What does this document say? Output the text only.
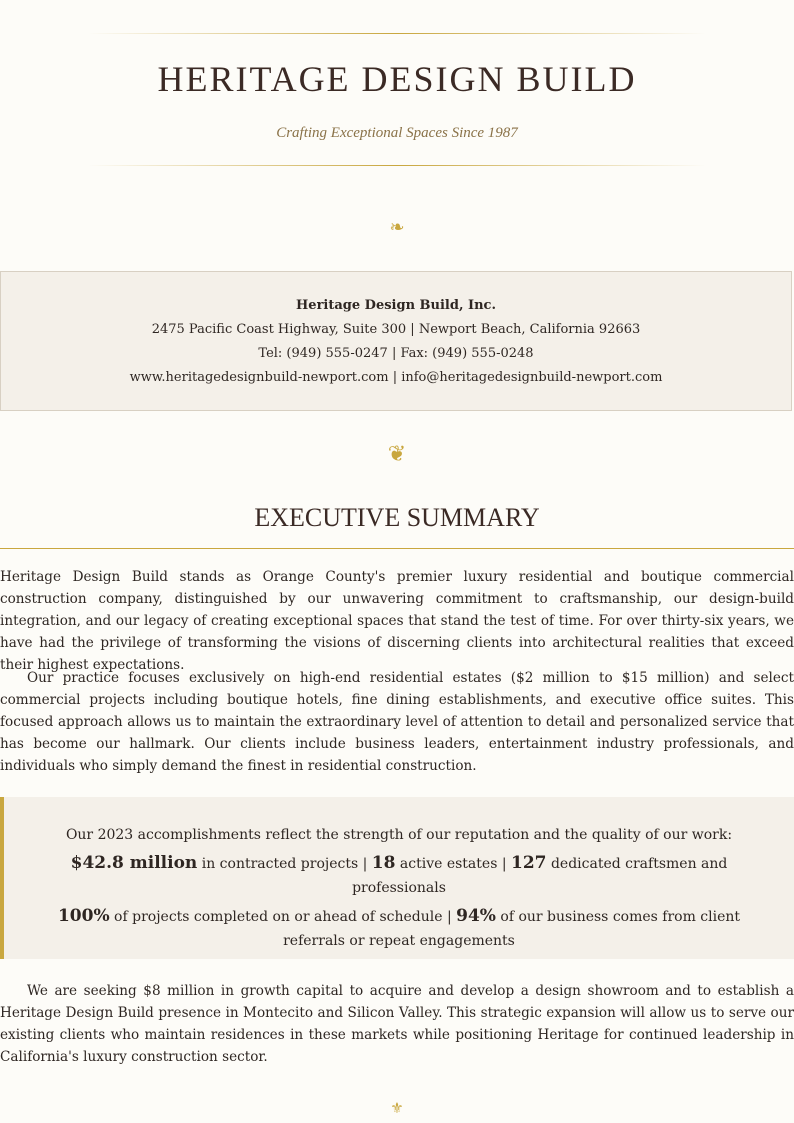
HERITAGE DESIGN BUILD
Crafting Exceptional Spaces Since 1987
❧
Heritage Design Build, Inc.
2475 Pacific Coast Highway, Suite 300 | Newport Beach, California 92663
Tel: (949) 555-0247 | Fax: (949) 555-0248
www.heritagedesignbuild-newport.com | info@heritagedesignbuild-newport.com
❦
EXECUTIVE SUMMARY

Heritage Design Build stands as Orange County's premier luxury residential and boutique commercial construction company, distinguished by our unwavering commitment to craftsmanship, our design-build integration, and our legacy of creating exceptional spaces that stand the test of time. For over thirty-six years, we have had the privilege of transforming the visions of discerning clients into architectural realities that exceed their highest expectations.

Our practice focuses exclusively on high-end residential estates ($2 million to $15 million) and select commercial projects including boutique hotels, fine dining establishments, and executive office suites. This focused approach allows us to maintain the extraordinary level of attention to detail and personalized service that has become our hallmark. Our clients include business leaders, entertainment industry professionals, and individuals who simply demand the finest in residential construction.

Our 2023 accomplishments reflect the strength of our reputation and the quality of our work:
$42.8 million in contracted projects | 18 active estates | 127 dedicated craftsmen and professionals
100% of projects completed on or ahead of schedule | 94% of our business comes from client referrals or repeat engagements

We are seeking $8 million in growth capital to acquire and develop a design showroom and to establish a Heritage Design Build presence in Montecito and Silicon Valley. This strategic expansion will allow us to serve our existing clients who maintain residences in these markets while positioning Heritage for continued leadership in California's luxury construction sector.

⚜
